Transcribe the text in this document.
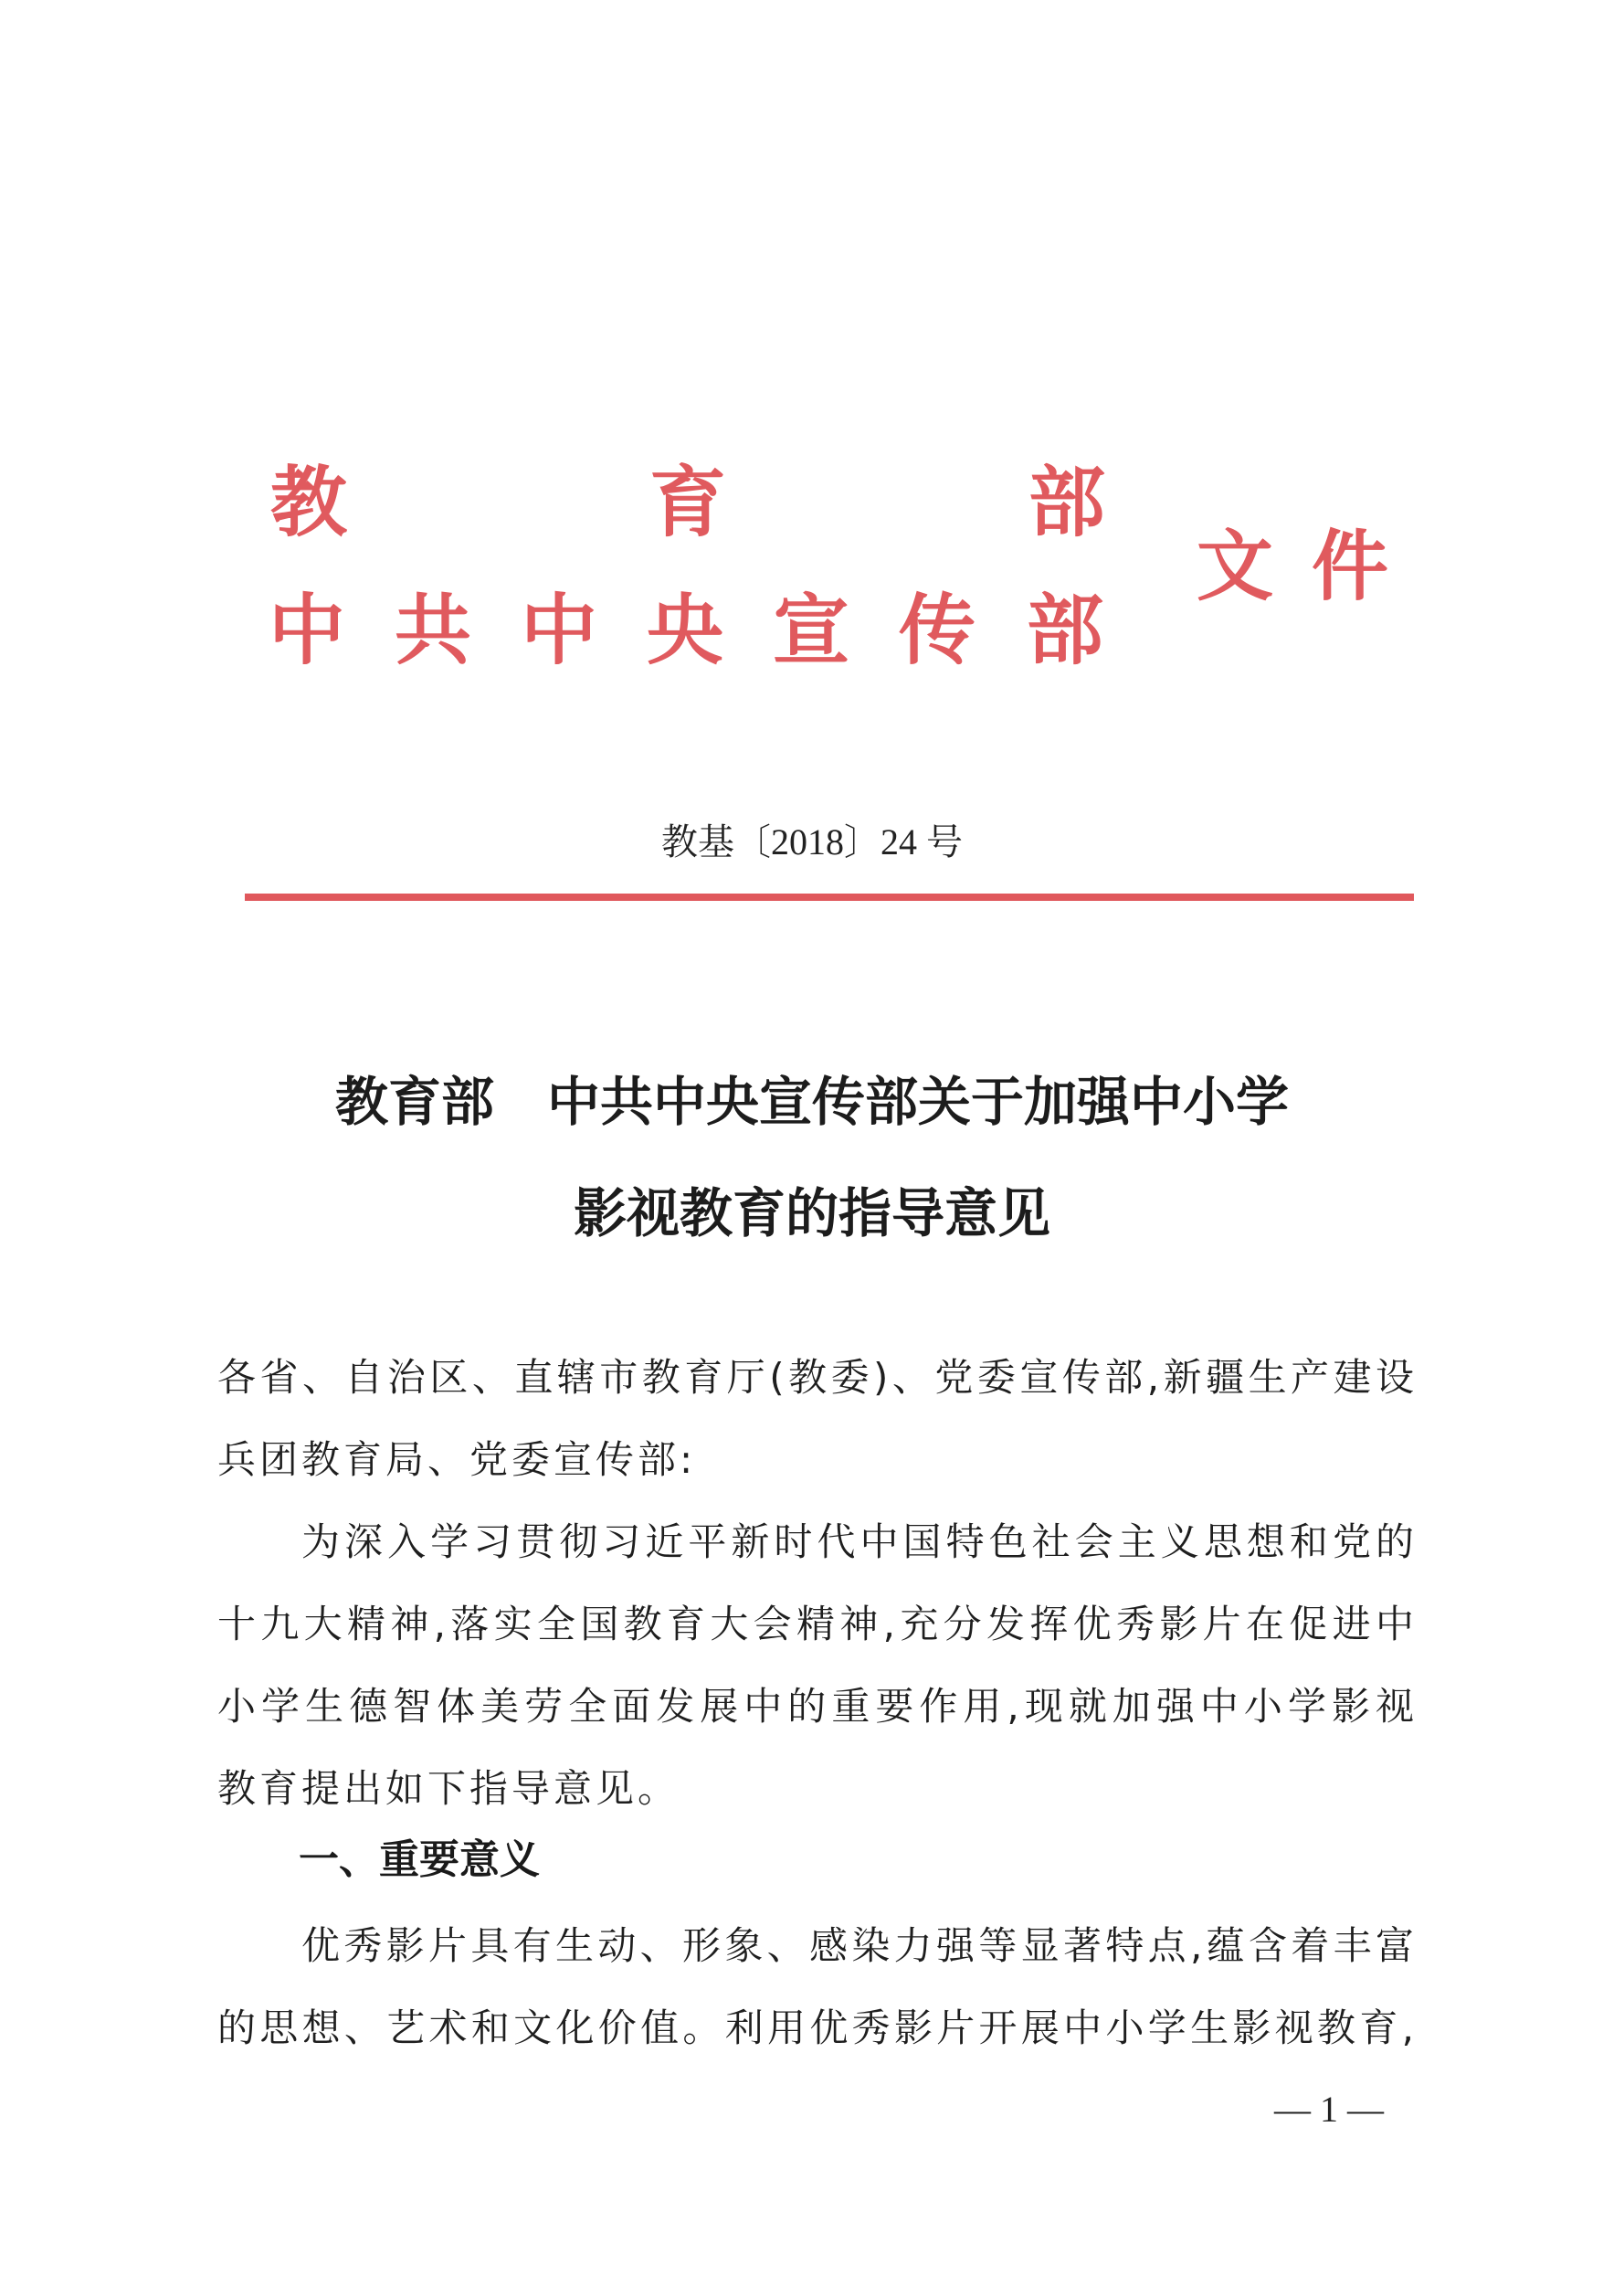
教	育	部
中 共 中 央 宣 传 部
文 件
教基〔2018〕24 号
教育部　中共中央宣传部关于加强中小学
影视教育的指导意见
各省、自治区、直辖市教育厅(教委)、党委宣传部,新疆生产建设
兵团教育局、党委宣传部:
为深入学习贯彻习近平新时代中国特色社会主义思想和党的
十九大精神,落实全国教育大会精神,充分发挥优秀影片在促进中
小学生德智体美劳全面发展中的重要作用,现就加强中小学影视
教育提出如下指导意见。
一、重要意义
优秀影片具有生动、形象、感染力强等显著特点,蕴含着丰富
的思想、艺术和文化价值。利用优秀影片开展中小学生影视教育,
— 1 —
